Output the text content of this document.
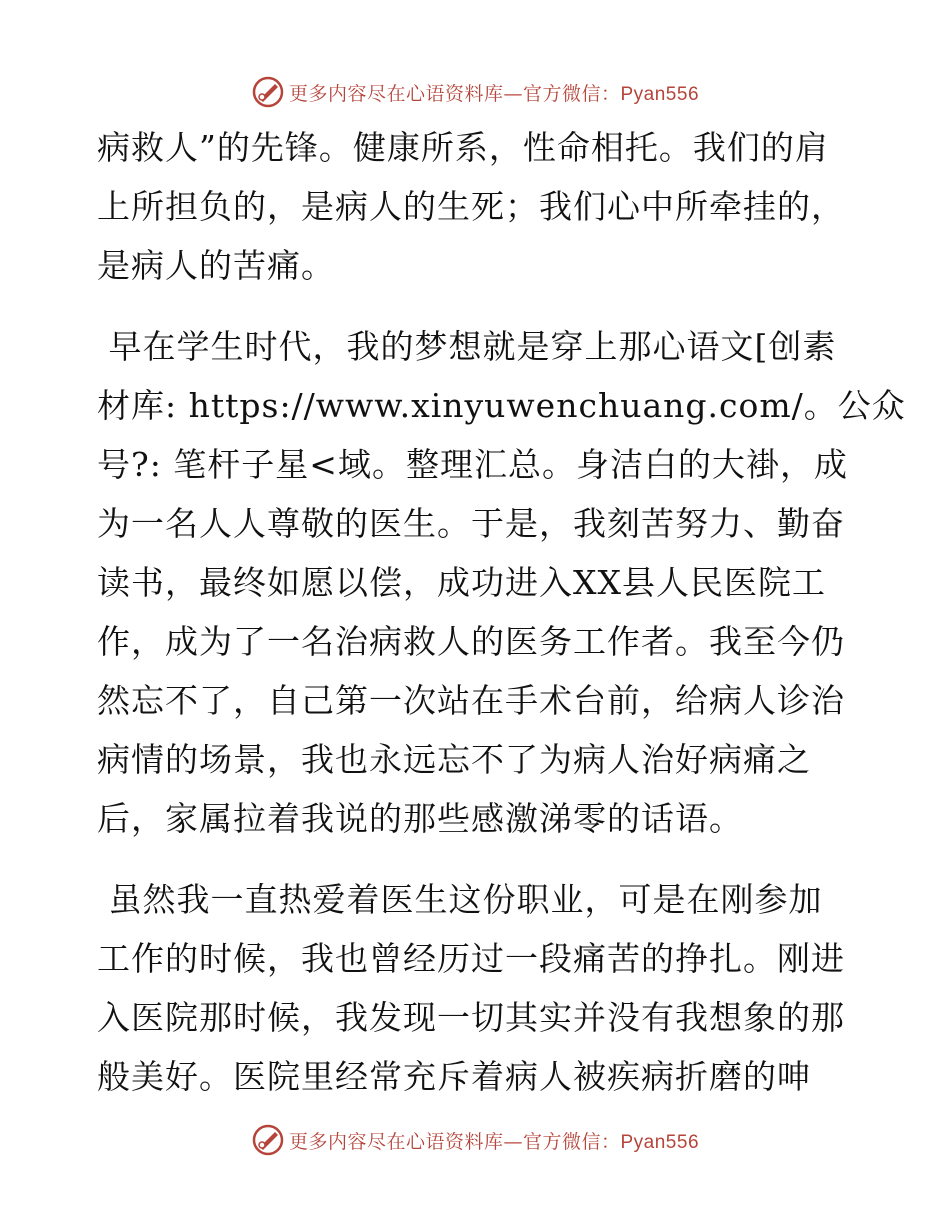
更多内容尽在心语资料库—官方微信：Pyan556
病救人”的先锋。健康所系，性命相托。我们的肩
上所担负的，是病人的生死；我们心中所牵挂的，
是病人的苦痛。
早在学生时代，我的梦想就是穿上那心语文[创素
材库: https://www.xinyuwenchuang.com/。公众
号?: 笔杆子星<域。整理汇总。身洁白的大褂，成
为一名人人尊敬的医生。于是，我刻苦努力、勤奋
读书，最终如愿以偿，成功进入XX县人民医院工
作，成为了一名治病救人的医务工作者。我至今仍
然忘不了，自己第一次站在手术台前，给病人诊治
病情的场景，我也永远忘不了为病人治好病痛之
后，家属拉着我说的那些感激涕零的话语。
虽然我一直热爱着医生这份职业，可是在刚参加
工作的时候，我也曾经历过一段痛苦的挣扎。刚进
入医院那时候，我发现一切其实并没有我想象的那
般美好。医院里经常充斥着病人被疾病折磨的呻
更多内容尽在心语资料库—官方微信：Pyan556
